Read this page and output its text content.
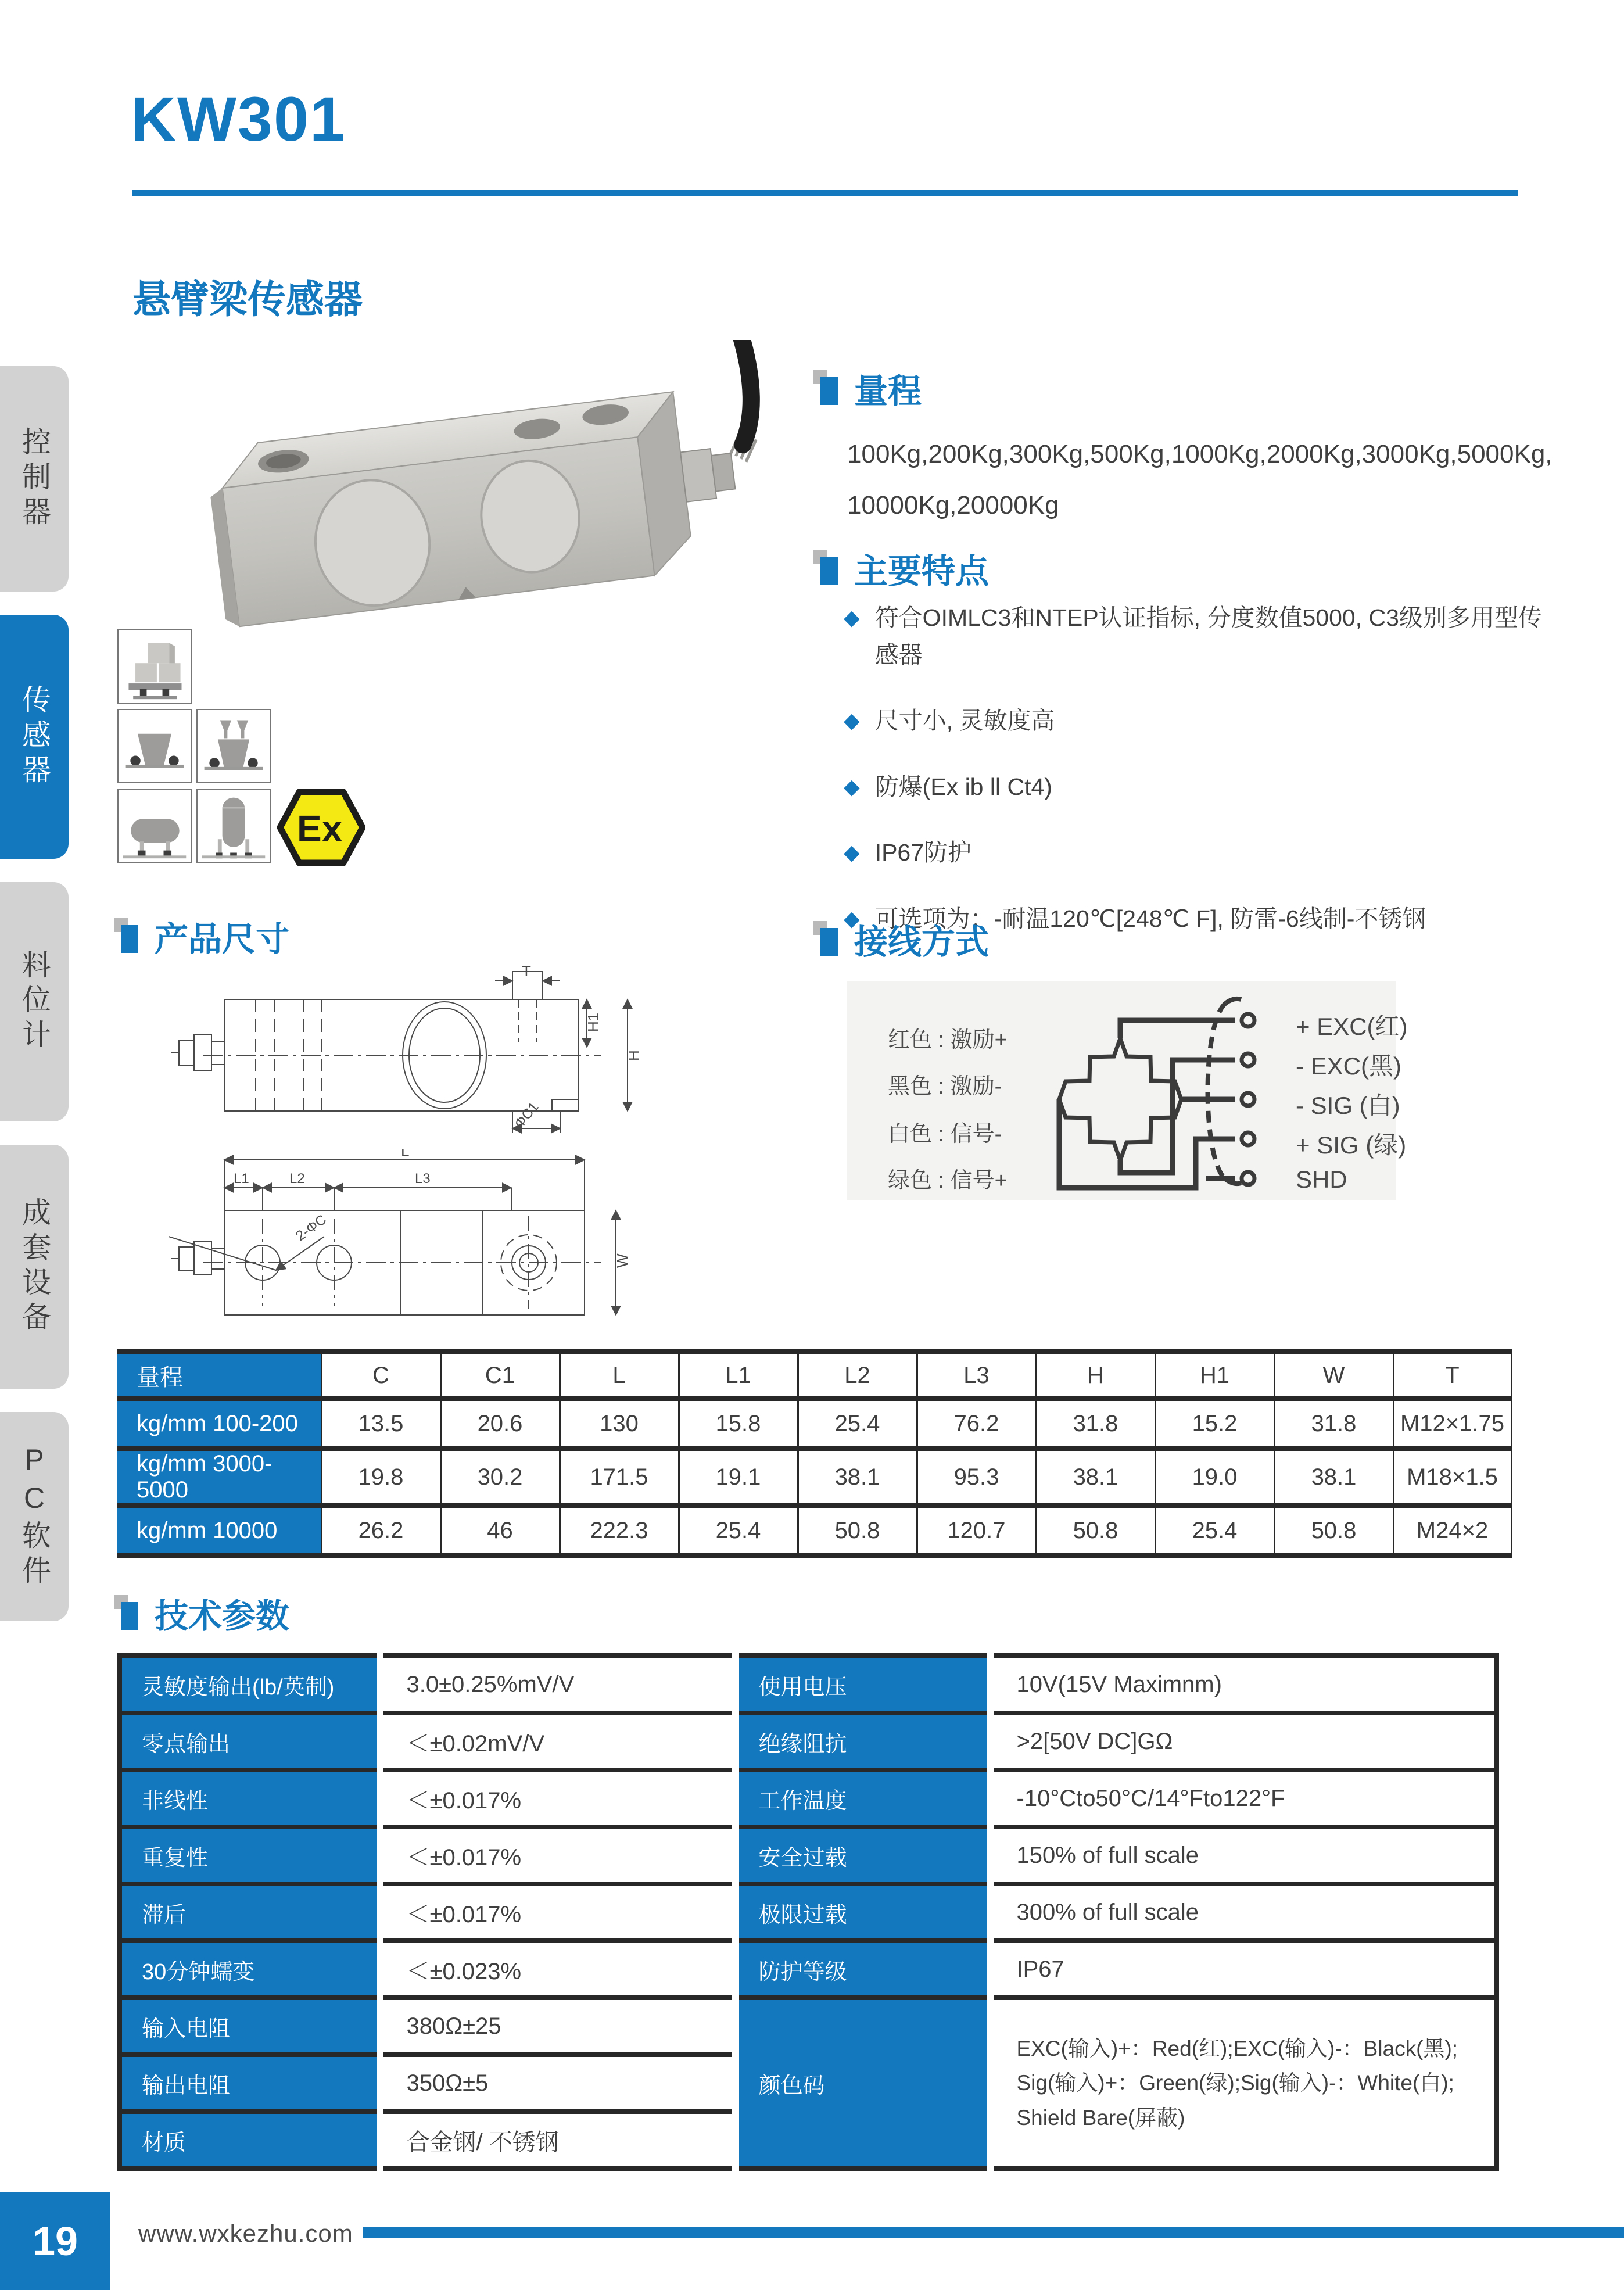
KW301
悬臂梁传感器
控制器
传感器
料位计
成套设备
PC软件
Ex
产品尺寸
T
H1
H
ΦC1
L
L1	L2	L3
2-ΦC
W
量程
100Kg,200Kg,300Kg,500Kg,1000Kg,2000Kg,3000Kg,5000Kg,
10000Kg,20000Kg
主要特点
◆ 符合OIMLC3和NTEP认证指标, 分度数值5000, C3级别多用型传感器
◆ 尺寸小, 灵敏度高
◆ 防爆(Ex ib ll Ct4)
◆ IP67防护
◆ 可选项为：-耐温120℃[248℃ F], 防雷-6线制-不锈钢
接线方式
红色 : 激励+
黑色 : 激励-
白色 : 信号-
绿色 : 信号+
+ EXC(红)
- EXC(黑)
- SIG (白)
+ SIG (绿)
SHD
量程	C	C1	L	L1	L2	L3	H	H1	W	T
kg/mm 100-200	13.5	20.6	130	15.8	25.4	76.2	31.8	15.2	31.8	M12×1.75
kg/mm 3000-5000	19.8	30.2	171.5	19.1	38.1	95.3	38.1	19.0	38.1	M18×1.5
kg/mm 10000	26.2	46	222.3	25.4	50.8	120.7	50.8	25.4	50.8	M24×2
技术参数
灵敏度输出(lb/英制)	3.0±0.25%mV/V	使用电压	10V(15V Maximnm)
零点输出	＜±0.02mV/V	绝缘阻抗	>2[50V DC]GΩ
非线性	＜±0.017%	工作温度	-10°Cto50°C/14°Fto122°F
重复性	＜±0.017%	安全过载	150% of full scale
滞后	＜±0.017%	极限过载	300% of full scale
30分钟蠕变	＜±0.023%	防护等级	IP67
输入电阻	380Ω±25	颜色码	EXC(输入)+：Red(红);EXC(输入)-：Black(黑);
Sig(输入)+：Green(绿);Sig(输入)-：White(白);
Shield Bare(屏蔽)

输出电阻	350Ω±5		
材质	合金钢/ 不锈钢		
19 www.wxkezhu.com
